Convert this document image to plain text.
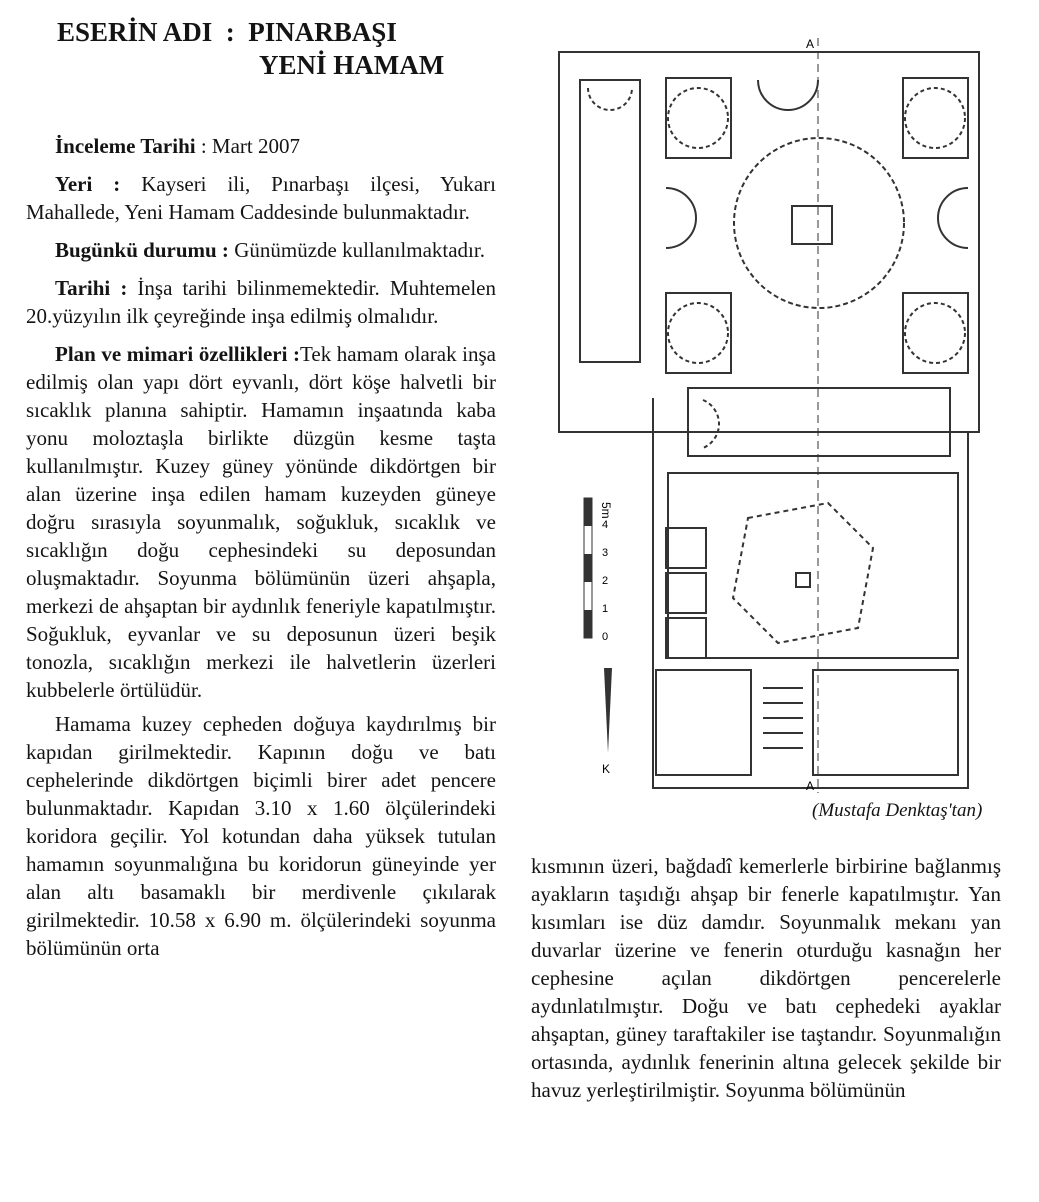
ESERİN ADI  :  PINARBAŞI
YENİ HAMAM

İnceleme Tarihi : Mart 2007

Yeri : Kayseri ili, Pınarbaşı ilçesi, Yukarı Mahallede, Yeni Hamam Caddesinde bulunmaktadır.

Bugünkü durumu : Günümüzde kullanılmaktadır.

Tarihi : İnşa tarihi bilinmemektedir. Muhtemelen 20.yüzyılın ilk çeyreğinde inşa edilmiş olmalıdır.

Plan ve mimari özellikleri :Tek hamam olarak inşa edilmiş olan yapı dört eyvanlı, dört köşe halvetli bir sıcaklık planına sahiptir. Hamamın inşaatında kaba yonu moloztaşla birlikte düzgün kesme taşta kullanılmıştır. Kuzey güney yönünde dikdörtgen bir alan üzerine inşa edilen hamam kuzeyden güneye doğru sırasıyla soyunmalık, soğukluk, sıcaklık ve sıcaklığın doğu cephesindeki su deposundan oluşmaktadır. Soyunma bölümünün üzeri ahşapla, merkezi de ahşaptan bir aydınlık feneriyle kapatılmıştır. Soğukluk, eyvanlar ve su deposunun üzeri beşik tonozla, sıcaklığın merkezi ile halvetlerin üzerleri kubbelerle örtülüdür.

Hamama kuzey cepheden doğuya kaydırılmış bir kapıdan girilmektedir. Kapının doğu ve batı cephelerinde dikdörtgen biçimli birer adet pencere bulunmaktadır. Kapıdan 3.10 x 1.60 ölçülerindeki koridora geçilir. Yol kotundan daha yüksek tutulan hamamın soyunmalığına bu koridorun güneyinde yer alan altı basamaklı bir merdivenle çıkılarak girilmektedir. 10.58 x 6.90 m. ölçülerindeki soyunma bölümünün orta

kısmının üzeri, bağdadî kemerlerle birbirine bağlanmış ayakların taşıdığı ahşap bir fenerle kapatılmıştır. Yan kısımları ise düz damdır. Soyunmalık mekanı yan duvarlar üzerine ve fenerin oturduğu kasnağın her cephesine açılan dikdörtgen pencerelerle aydınlatılmıştır. Doğu ve batı cephedeki ayaklar ahşaptan, güney taraftakiler ise taştandır. Soyunmalığın ortasında, aydınlık fenerinin altına gelecek şekilde bir havuz yerleştirilmiştir. Soyunma bölümünün

5m
4
3
2
1
0
K
A
A
(Mustafa Denktaş'tan)
